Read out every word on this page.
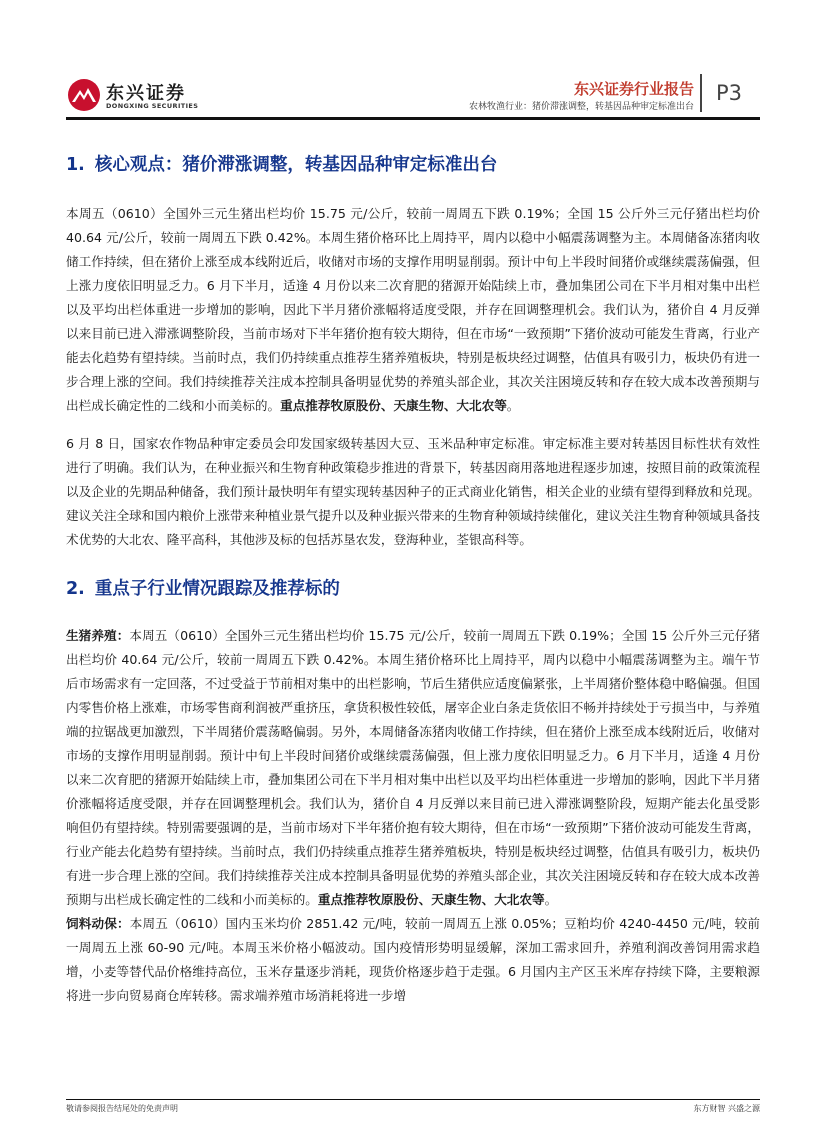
东兴证券
DONGXING SECURITIES
东兴证券行业报告
农林牧渔行业：猪价滞涨调整，转基因品种审定标准出台
P3
1. 核心观点：猪价滞涨调整，转基因品种审定标准出台

本周五（0610）全国外三元生猪出栏均价 15.75 元/公斤，较前一周周五下跌 0.19%；全国 15 公斤外三元仔猪出栏均价 40.64 元/公斤，较前一周周五下跌 0.42%。本周生猪价格环比上周持平，周内以稳中小幅震荡调整为主。本周储备冻猪肉收储工作持续，但在猪价上涨至成本线附近后，收储对市场的支撑作用明显削弱。预计中旬上半段时间猪价或继续震荡偏强，但上涨力度依旧明显乏力。6 月下半月，适逢 4 月份以来二次育肥的猪源开始陆续上市，叠加集团公司在下半月相对集中出栏以及平均出栏体重进一步增加的影响，因此下半月猪价涨幅将适度受限，并存在回调整理机会。我们认为，猪价自 4 月反弹以来目前已进入滞涨调整阶段，当前市场对下半年猪价抱有较大期待，但在市场“一致预期”下猪价波动可能发生背离，行业产能去化趋势有望持续。当前时点，我们仍持续重点推荐生猪养殖板块，特别是板块经过调整，估值具有吸引力，板块仍有进一步合理上涨的空间。我们持续推荐关注成本控制具备明显优势的养殖头部企业，其次关注困境反转和存在较大成本改善预期与出栏成长确定性的二线和小而美标的。重点推荐牧原股份、天康生物、大北农等。

6 月 8 日，国家农作物品种审定委员会印发国家级转基因大豆、玉米品种审定标准。审定标准主要对转基因目标性状有效性进行了明确。我们认为，在种业振兴和生物育种政策稳步推进的背景下，转基因商用落地进程逐步加速，按照目前的政策流程以及企业的先期品种储备，我们预计最快明年有望实现转基因种子的正式商业化销售，相关企业的业绩有望得到释放和兑现。建议关注全球和国内粮价上涨带来种植业景气提升以及种业振兴带来的生物育种领域持续催化，建议关注生物育种领域具备技术优势的大北农、隆平高科，其他涉及标的包括苏垦农发，登海种业，荃银高科等。

2. 重点子行业情况跟踪及推荐标的

生猪养殖：本周五（0610）全国外三元生猪出栏均价 15.75 元/公斤，较前一周周五下跌 0.19%；全国 15 公斤外三元仔猪出栏均价 40.64 元/公斤，较前一周周五下跌 0.42%。本周生猪价格环比上周持平，周内以稳中小幅震荡调整为主。端午节后市场需求有一定回落，不过受益于节前相对集中的出栏影响，节后生猪供应适度偏紧张，上半周猪价整体稳中略偏强。但国内零售价格上涨难，市场零售商利润被严重挤压，拿货积极性较低，屠宰企业白条走货依旧不畅并持续处于亏损当中，与养殖端的拉锯战更加激烈，下半周猪价震荡略偏弱。另外，本周储备冻猪肉收储工作持续，但在猪价上涨至成本线附近后，收储对市场的支撑作用明显削弱。预计中旬上半段时间猪价或继续震荡偏强，但上涨力度依旧明显乏力。6 月下半月，适逢 4 月份以来二次育肥的猪源开始陆续上市，叠加集团公司在下半月相对集中出栏以及平均出栏体重进一步增加的影响，因此下半月猪价涨幅将适度受限，并存在回调整理机会。我们认为，猪价自 4 月反弹以来目前已进入滞涨调整阶段，短期产能去化虽受影响但仍有望持续。特别需要强调的是，当前市场对下半年猪价抱有较大期待，但在市场“一致预期”下猪价波动可能发生背离，行业产能去化趋势有望持续。当前时点，我们仍持续重点推荐生猪养殖板块，特别是板块经过调整，估值具有吸引力，板块仍有进一步合理上涨的空间。我们持续推荐关注成本控制具备明显优势的养殖头部企业，其次关注困境反转和存在较大成本改善预期与出栏成长确定性的二线和小而美标的。重点推荐牧原股份、天康生物、大北农等。

饲料动保：本周五（0610）国内玉米均价 2851.42 元/吨，较前一周周五上涨 0.05%；豆粕均价 4240-4450 元/吨，较前一周周五上涨 60-90 元/吨。本周玉米价格小幅波动。国内疫情形势明显缓解，深加工需求回升，养殖利润改善饲用需求趋增，小麦等替代品价格维持高位，玉米存量逐步消耗，现货价格逐步趋于走强。6 月国内主产区玉米库存持续下降，主要粮源将进一步向贸易商仓库转移。需求端养殖市场消耗将进一步增

敬请参阅报告结尾处的免责声明	东方财智 兴盛之源
